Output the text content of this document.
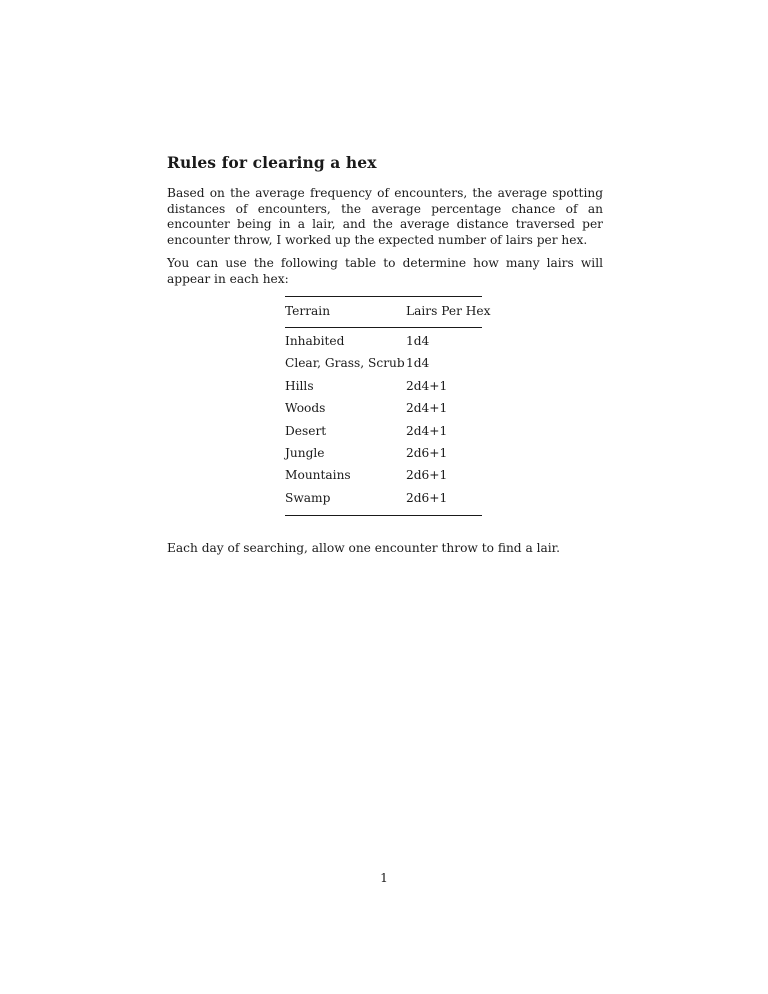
Rules for clearing a hex

Based on the average frequency of encounters, the average spotting distances of encounters, the average percentage chance of an encounter being in a lair, and the average distance traversed per encounter throw, I worked up the expected number of lairs per hex.

You can use the following table to determine how many lairs will appear in each hex:

Terrain	Lairs Per Hex
Inhabited	1d4
Clear, Grass, Scrub 1d4
Hills	2d4+1
Woods	2d4+1
Desert	2d4+1
Jungle	2d6+1
Mountains	2d6+1
Swamp	2d6+1

Each day of searching, allow one encounter throw to find a lair.

1
